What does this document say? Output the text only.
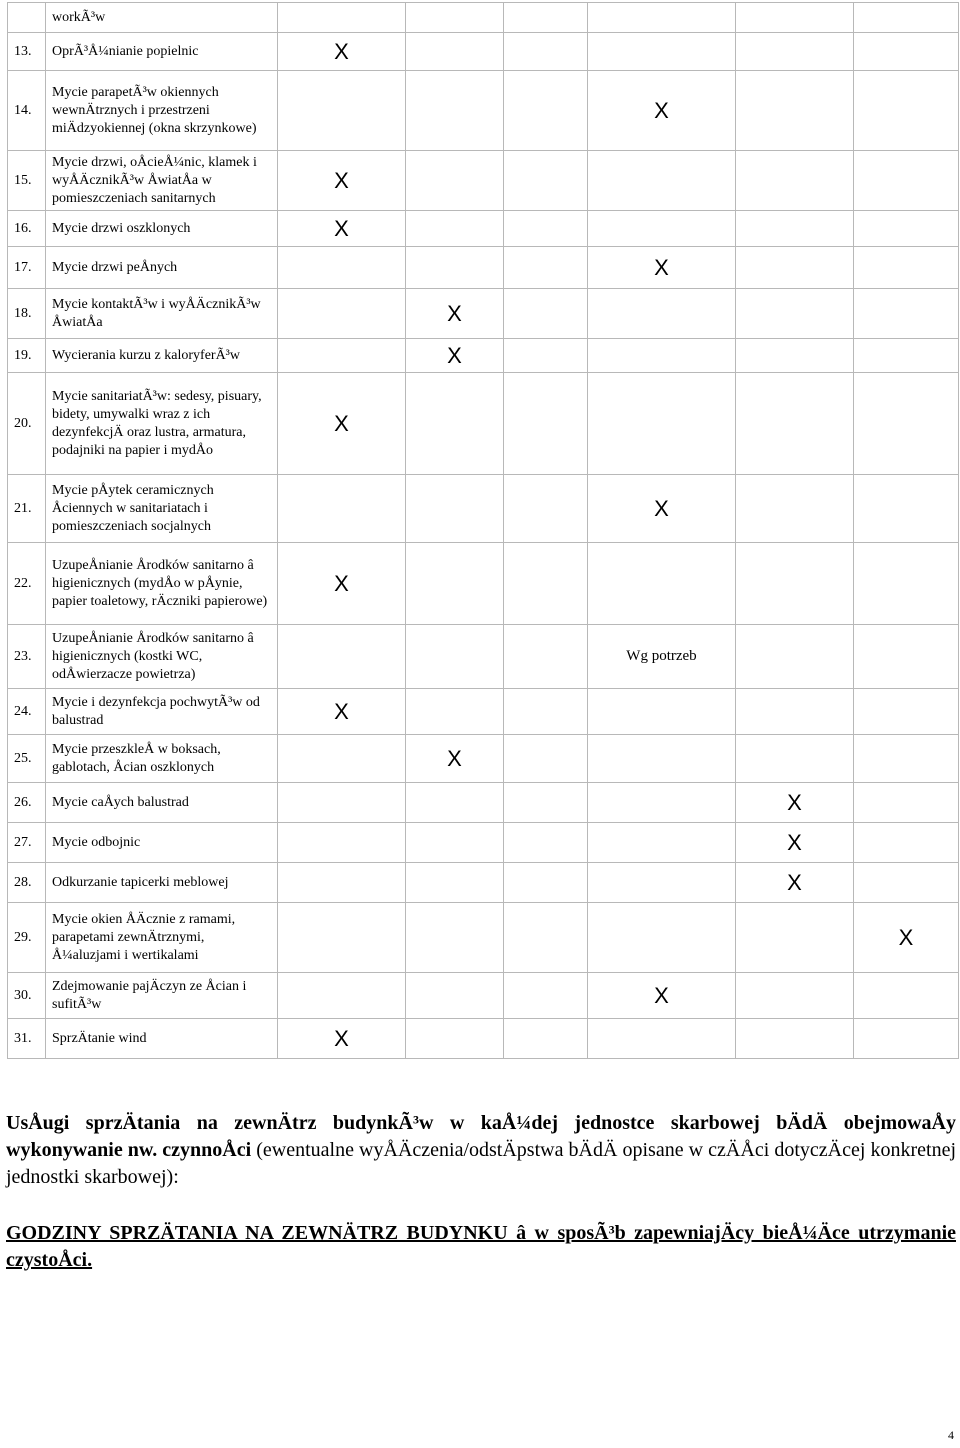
	workÃ³w						
13.	OprÃ³Å¼nianie popielnic	X					
14.	Mycie parapetÃ³w okiennych wewnÄtrznych i przestrzeni miÄdzyokiennej (okna skrzynkowe)				X		
15.	Mycie drzwi, oÅcieÅ¼nic, klamek i wyÅÄcznikÃ³w ÅwiatÅa w pomieszczeniach sanitarnych	X					
16.	Mycie drzwi oszklonych	X					
17.	Mycie drzwi peÅnych				X		
18.	Mycie kontaktÃ³w i wyÅÄcznikÃ³w ÅwiatÅa		X				
19.	Wycierania kurzu z kaloryferÃ³w		X				
20.	Mycie sanitariatÃ³w: sedesy, pisuary, bidety, umywalki wraz z ich dezynfekcjÄ oraz lustra, armatura, podajniki na papier i mydÅo	X					
21.	Mycie pÅytek ceramicznych Åciennych w sanitariatach i pomieszczeniach socjalnych				X		
22.	UzupeÅnianie Årodków sanitarno â higienicznych (mydÅo w pÅynie, papier toaletowy, rÄczniki papierowe)	X					
23.	UzupeÅnianie Årodków sanitarno â higienicznych (kostki WC, odÅwierzacze powietrza)				Wg potrzeb		
24.	Mycie i dezynfekcja pochwytÃ³w od balustrad	X					
25.	Mycie przeszkleÅ w boksach, gablotach, Åcian oszklonych		X				
26.	Mycie caÅych balustrad					X	
27.	Mycie odbojnic					X	
28.	Odkurzanie tapicerki meblowej					X	
29.	Mycie okien ÅÄcznie z ramami, parapetami zewnÄtrznymi, Å¼aluzjami i wertikalami						X
30.	Zdejmowanie pajÄczyn ze Åcian i sufitÃ³w				X		
31.	SprzÄtanie wind	X					
UsÅugi sprzÄtania na zewnÄtrz budynkÃ³w w kaÅ¼dej jednostce skarbowej bÄdÄ obejmowaÅy wykonywanie nw. czynnoÅci (ewentualne wyÅÄczenia/odstÄpstwa bÄdÄ opisane w czÄÅci dotyczÄcej konkretnej jednostki skarbowej):
GODZINY SPRZÄTANIA NA ZEWNÄTRZ BUDYNKU â w sposÃ³b zapewniajÄcy bieÅ¼Äce utrzymanie czystoÅci.
4
